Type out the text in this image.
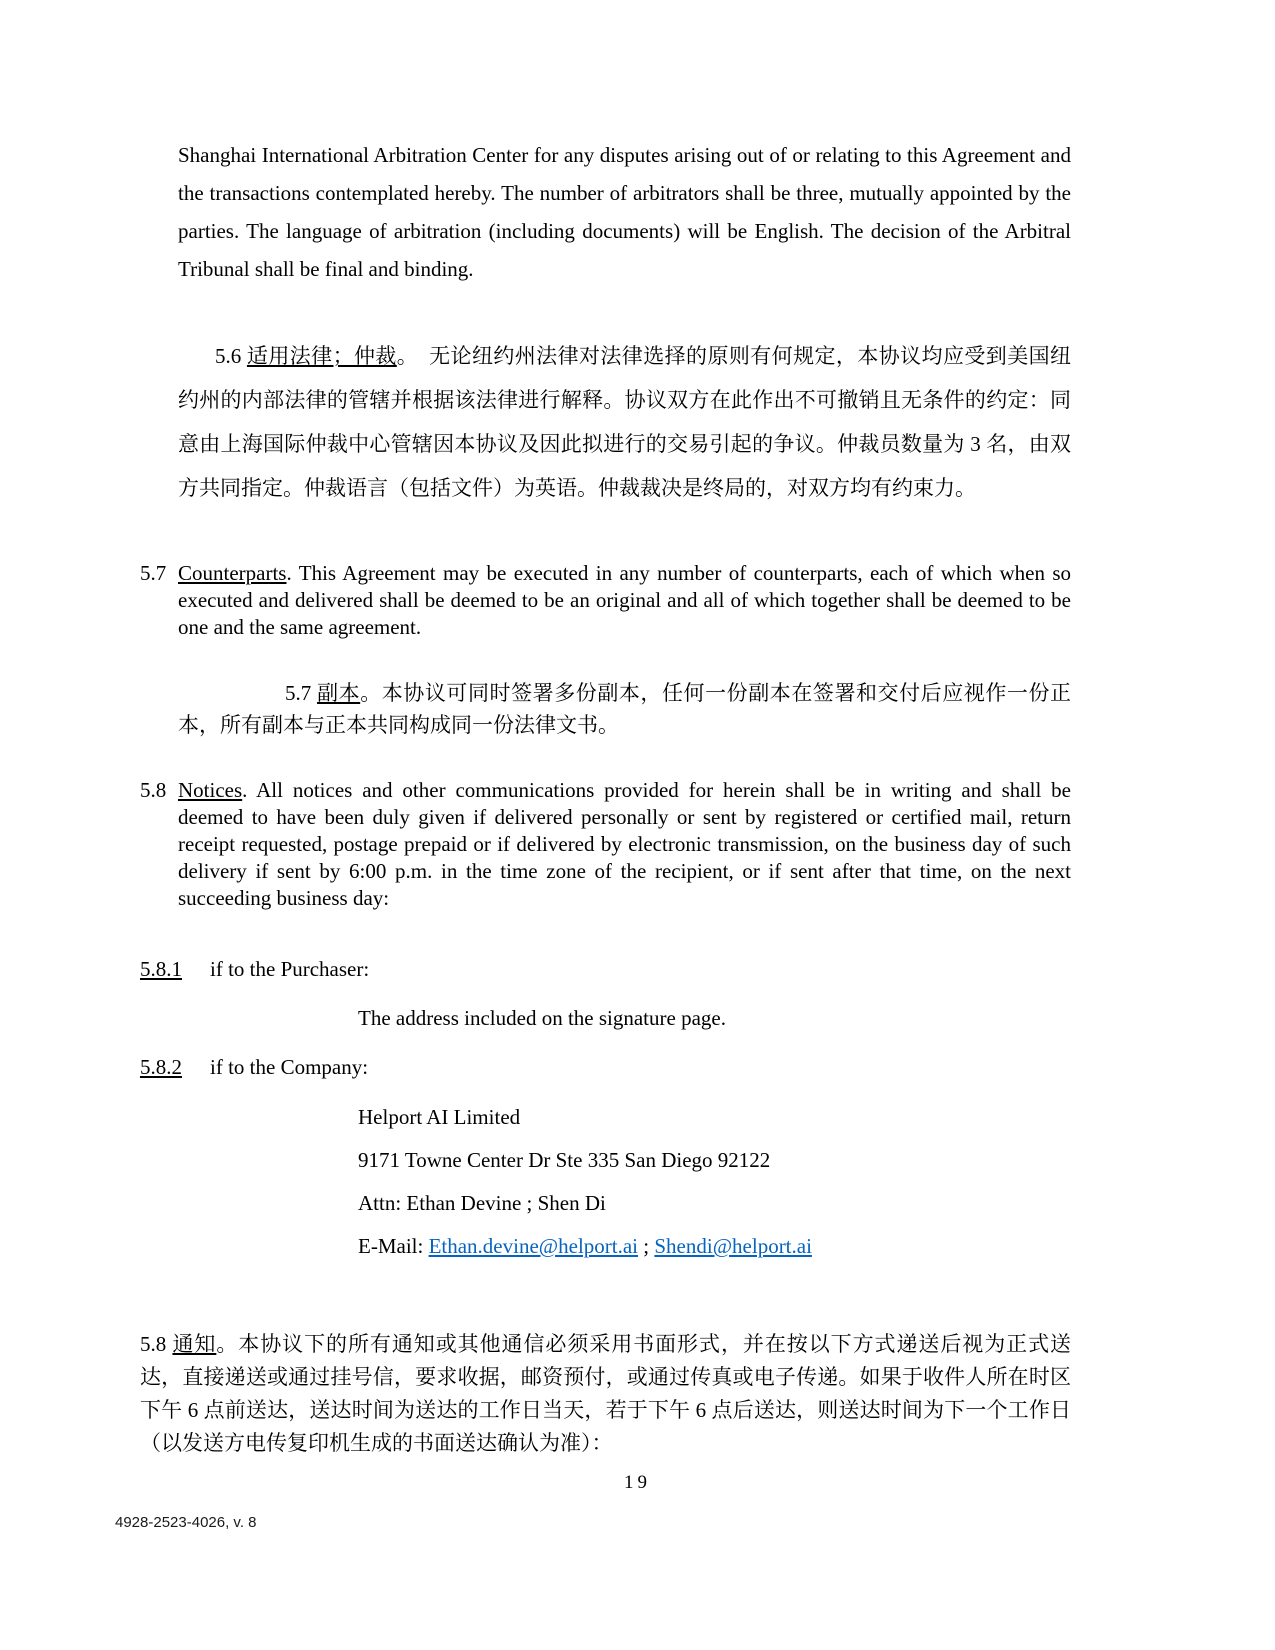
Shanghai International Arbitration Center for any disputes arising out of or relating to this Agreement and the transactions contemplated hereby. The number of arbitrators shall be three, mutually appointed by the parties. The language of arbitration (including documents) will be English. The decision of the Arbitral Tribunal shall be final and binding.

5.6 适用法律；仲裁。　无论纽约州法律对法律选择的原则有何规定，本协议均应受到美国纽约州的内部法律的管辖并根据该法律进行解释。协议双方在此作出不可撤销且无条件的约定：同意由上海国际仲裁中心管辖因本协议及因此拟进行的交易引起的争议。仲裁员数量为 3 名，由双方共同指定。仲裁语言（包括文件）为英语。仲裁裁决是终局的，对双方均有约束力。

5.7 Counterparts. This Agreement may be executed in any number of counterparts, each of which when so executed and delivered shall be deemed to be an original and all of which together shall be deemed to be one and the same agreement.

5.7 副本。本协议可同时签署多份副本，任何一份副本在签署和交付后应视作一份正本，所有副本与正本共同构成同一份法律文书。

5.8 Notices. All notices and other communications provided for herein shall be in writing and shall be deemed to have been duly given if delivered personally or sent by registered or certified mail, return receipt requested, postage prepaid or if delivered by electronic transmission, on the business day of such delivery if sent by 6:00 p.m. in the time zone of the recipient, or if sent after that time, on the next succeeding business day:

5.8.1 if to the Purchaser:

The address included on the signature page.

5.8.2 if to the Company:

Helport AI Limited

9171 Towne Center Dr Ste 335 San Diego 92122

Attn: Ethan Devine ; Shen Di

E-Mail: Ethan.devine@helport.ai ; Shendi@helport.ai

5.8 通知。本协议下的所有通知或其他通信必须采用书面形式，并在按以下方式递送后视为正式送达，直接递送或通过挂号信，要求收据，邮资预付，或通过传真或电子传递。如果于收件人所在时区下午 6 点前送达，送达时间为送达的工作日当天，若于下午 6 点后送达，则送达时间为下一个工作日（以发送方电传复印机生成的书面送达确认为准）：

19
4928-2523-4026, v. 8
